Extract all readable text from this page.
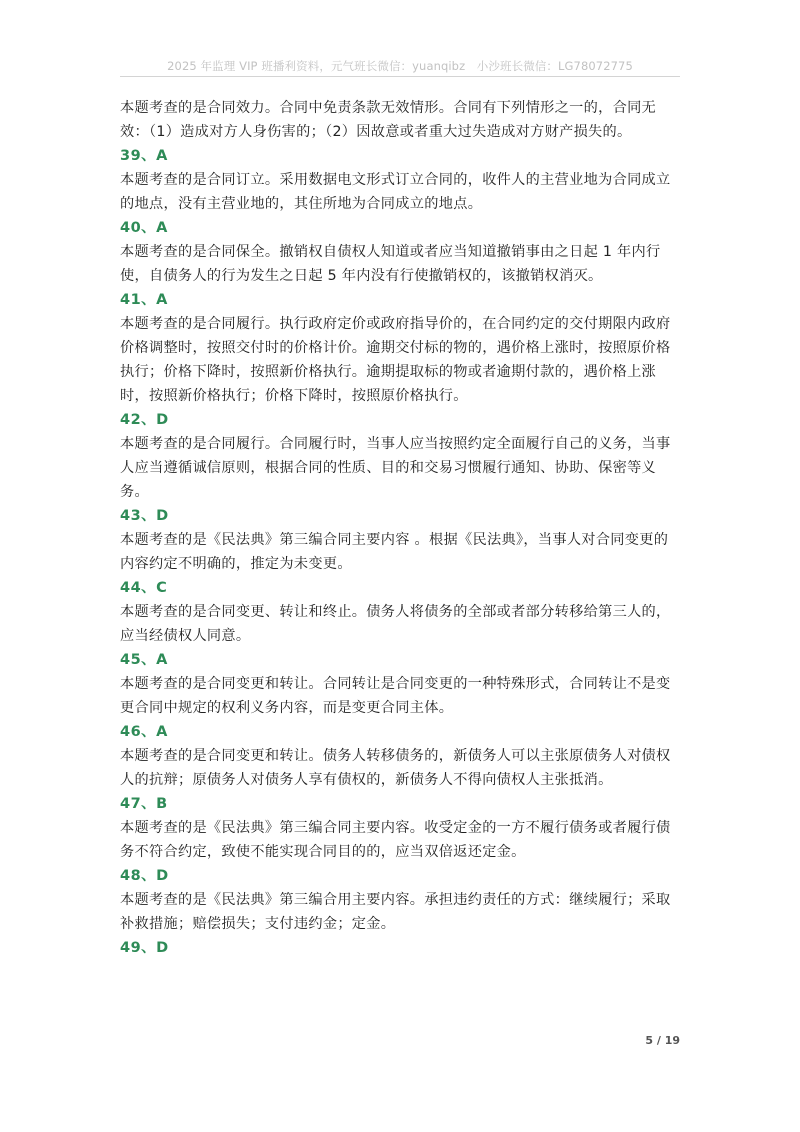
2025 年监理 VIP 班播利资料，元气班长微信：yuanqibz　小沙班长微信：LG78072775

本题考查的是合同效力。合同中免责条款无效情形。合同有下列情形之一的，合同无效：（1）造成对方人身伤害的；（2）因故意或者重大过失造成对方财产损失的。

39、A

本题考查的是合同订立。采用数据电文形式订立合同的，收件人的主营业地为合同成立的地点，没有主营业地的，其住所地为合同成立的地点。

40、A

本题考查的是合同保全。撤销权自债权人知道或者应当知道撤销事由之日起 1 年内行使，自债务人的行为发生之日起 5 年内没有行使撤销权的，该撤销权消灭。

41、A

本题考查的是合同履行。执行政府定价或政府指导价的，在合同约定的交付期限内政府价格调整时，按照交付时的价格计价。逾期交付标的物的，遇价格上涨时，按照原价格执行；价格下降时，按照新价格执行。逾期提取标的物或者逾期付款的，遇价格上涨时，按照新价格执行；价格下降时，按照原价格执行。

42、D

本题考查的是合同履行。合同履行时，当事人应当按照约定全面履行自己的义务，当事人应当遵循诚信原则，根据合同的性质、目的和交易习惯履行通知、协助、保密等义务。

43、D

本题考查的是《民法典》第三编合同主要内容 。根据《民法典》，当事人对合同变更的内容约定不明确的，推定为未变更。

44、C

本题考查的是合同变更、转让和终止。债务人将债务的全部或者部分转移给第三人的，应当经债权人同意。

45、A

本题考查的是合同变更和转让。合同转让是合同变更的一种特殊形式，合同转让不是变更合同中规定的权利义务内容，而是变更合同主体。

46、A

本题考查的是合同变更和转让。债务人转移债务的，新债务人可以主张原债务人对债权人的抗辩；原债务人对债务人享有债权的，新债务人不得向债权人主张抵消。

47、B

本题考查的是《民法典》第三编合同主要内容。收受定金的一方不履行债务或者履行债务不符合约定，致使不能实现合同目的的，应当双倍返还定金。

48、D

本题考查的是《民法典》第三编合用主要内容。承担违约责任的方式：继续履行；采取补救措施；赔偿损失；支付违约金；定金。

49、D

5 / 19
